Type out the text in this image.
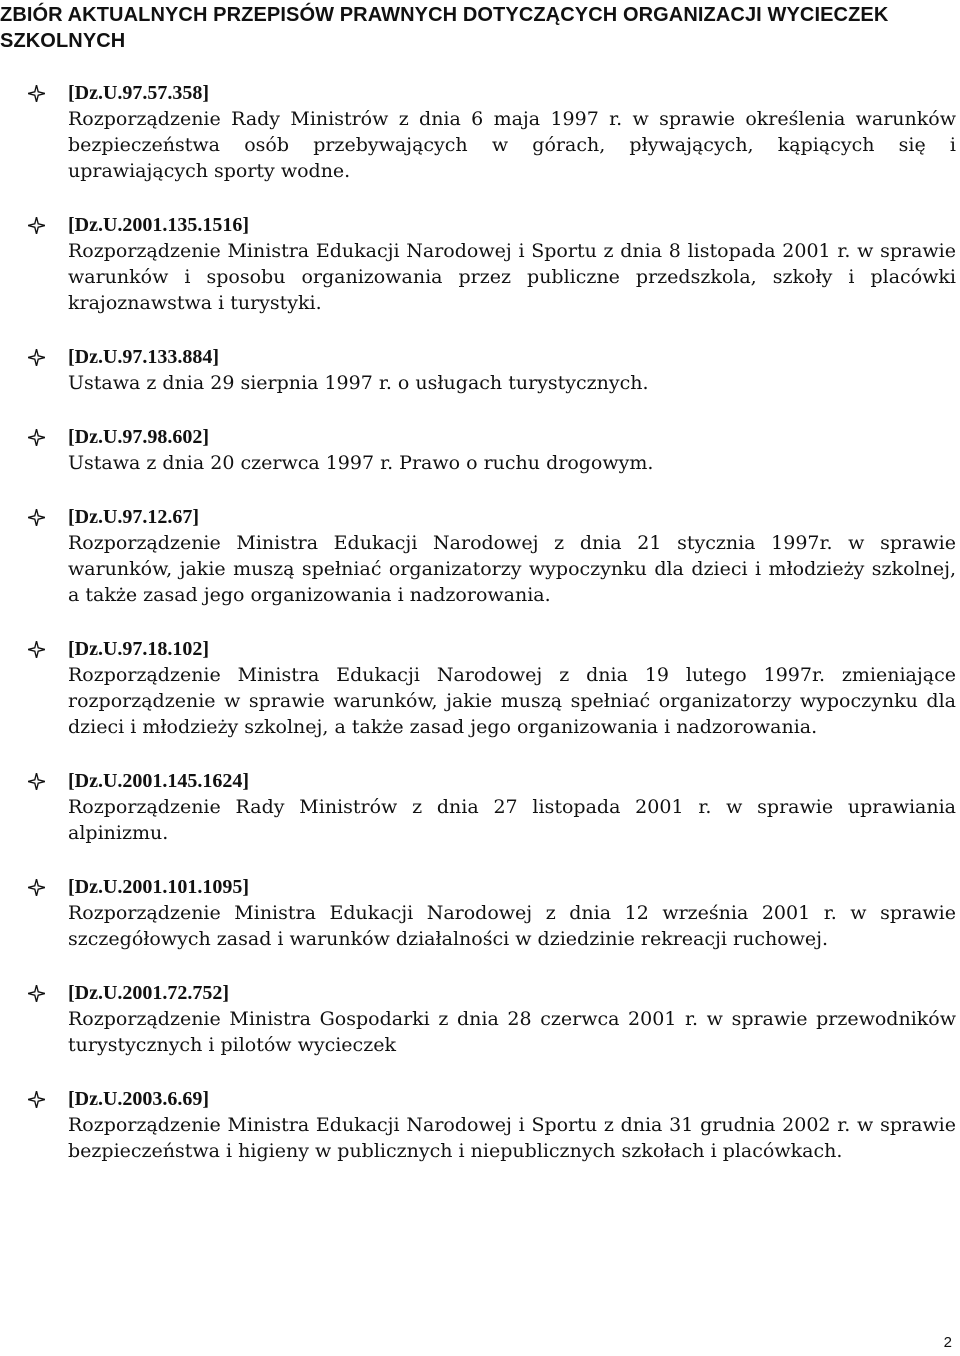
ZBIÓR AKTUALNYCH PRZEPISÓW PRAWNYCH DOTYCZĄCYCH ORGANIZACJI WYCIECZEK SZKOLNYCH
[Dz.U.97.57.358]
Rozporządzenie Rady Ministrów z dnia 6 maja 1997 r. w sprawie określenia warunków bezpieczeństwa osób przebywających w górach, pływających, kąpiących się i uprawiających sporty wodne.
[Dz.U.2001.135.1516]
Rozporządzenie Ministra Edukacji Narodowej i Sportu z dnia 8 listopada 2001 r. w sprawie warunków i sposobu organizowania przez publiczne przedszkola, szkoły i placówki krajoznawstwa i turystyki.
[Dz.U.97.133.884]
Ustawa z dnia 29 sierpnia 1997 r. o usługach turystycznych.
[Dz.U.97.98.602]
Ustawa z dnia 20 czerwca 1997 r. Prawo o ruchu drogowym.
[Dz.U.97.12.67]
Rozporządzenie Ministra Edukacji Narodowej z dnia 21 stycznia 1997r. w sprawie warunków, jakie muszą spełniać organizatorzy wypoczynku dla dzieci i młodzieży szkolnej, a także zasad jego organizowania i nadzorowania.
[Dz.U.97.18.102]
Rozporządzenie Ministra Edukacji Narodowej z dnia 19 lutego 1997r. zmieniające rozporządzenie w sprawie warunków, jakie muszą spełniać organizatorzy wypoczynku dla dzieci i młodzieży szkolnej, a także zasad jego organizowania i nadzorowania.
[Dz.U.2001.145.1624]
Rozporządzenie Rady Ministrów z dnia 27 listopada 2001 r. w sprawie uprawiania alpinizmu.
[Dz.U.2001.101.1095]
Rozporządzenie Ministra Edukacji Narodowej z dnia 12 września 2001 r. w sprawie szczegółowych zasad i warunków działalności w dziedzinie rekreacji ruchowej.
[Dz.U.2001.72.752]
Rozporządzenie Ministra Gospodarki z dnia 28 czerwca 2001 r. w sprawie przewodników turystycznych i pilotów wycieczek
[Dz.U.2003.6.69]
Rozporządzenie Ministra Edukacji Narodowej i Sportu z dnia 31 grudnia 2002 r. w sprawie bezpieczeństwa i higieny w publicznych i niepublicznych szkołach i placówkach.
2
